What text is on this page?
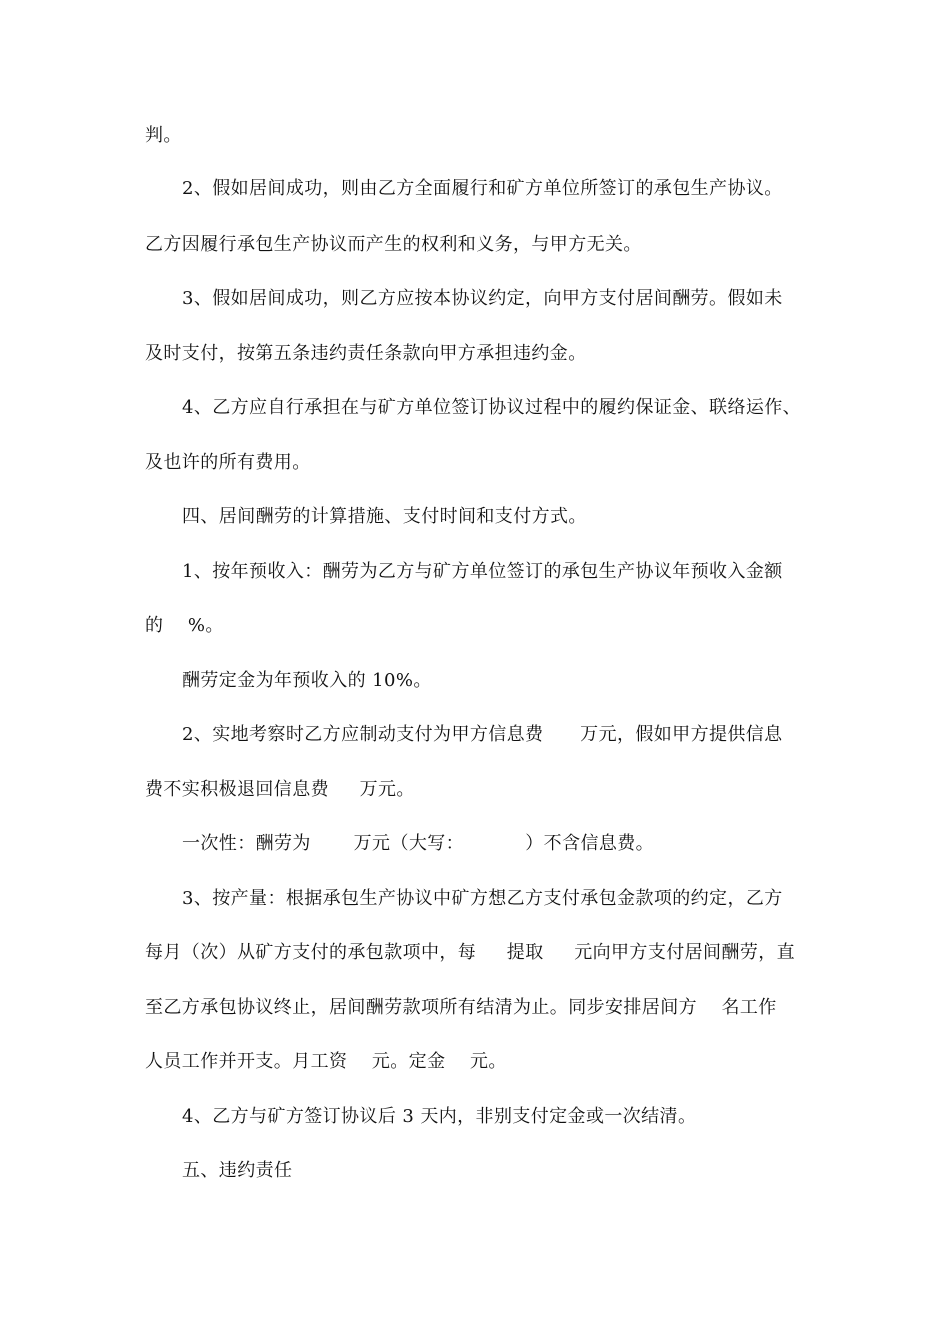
判。
2、假如居间成功，则由乙方全面履行和矿方单位所签订的承包生产协议。
乙方因履行承包生产协议而产生的权利和义务，与甲方无关。
3、假如居间成功，则乙方应按本协议约定，向甲方支付居间酬劳。假如未
及时支付，按第五条违约责任条款向甲方承担违约金。
4、乙方应自行承担在与矿方单位签订协议过程中的履约保证金、联络运作、
及也许的所有费用。
四、居间酬劳的计算措施、支付时间和支付方式。
1、按年预收入：酬劳为乙方与矿方单位签订的承包生产协议年预收入金额
的    %。
酬劳定金为年预收入的 10%。
2、实地考察时乙方应制动支付为甲方信息费      万元，假如甲方提供信息
费不实积极退回信息费     万元。
一次性：酬劳为       万元（大写：          ）不含信息费。
3、按产量：根据承包生产协议中矿方想乙方支付承包金款项的约定，乙方
每月（次）从矿方支付的承包款项中，每     提取     元向甲方支付居间酬劳，直
至乙方承包协议终止，居间酬劳款项所有结清为止。同步安排居间方    名工作
人员工作并开支。月工资    元。定金    元。
4、乙方与矿方签订协议后 3 天内，非别支付定金或一次结清。
五、违约责任
